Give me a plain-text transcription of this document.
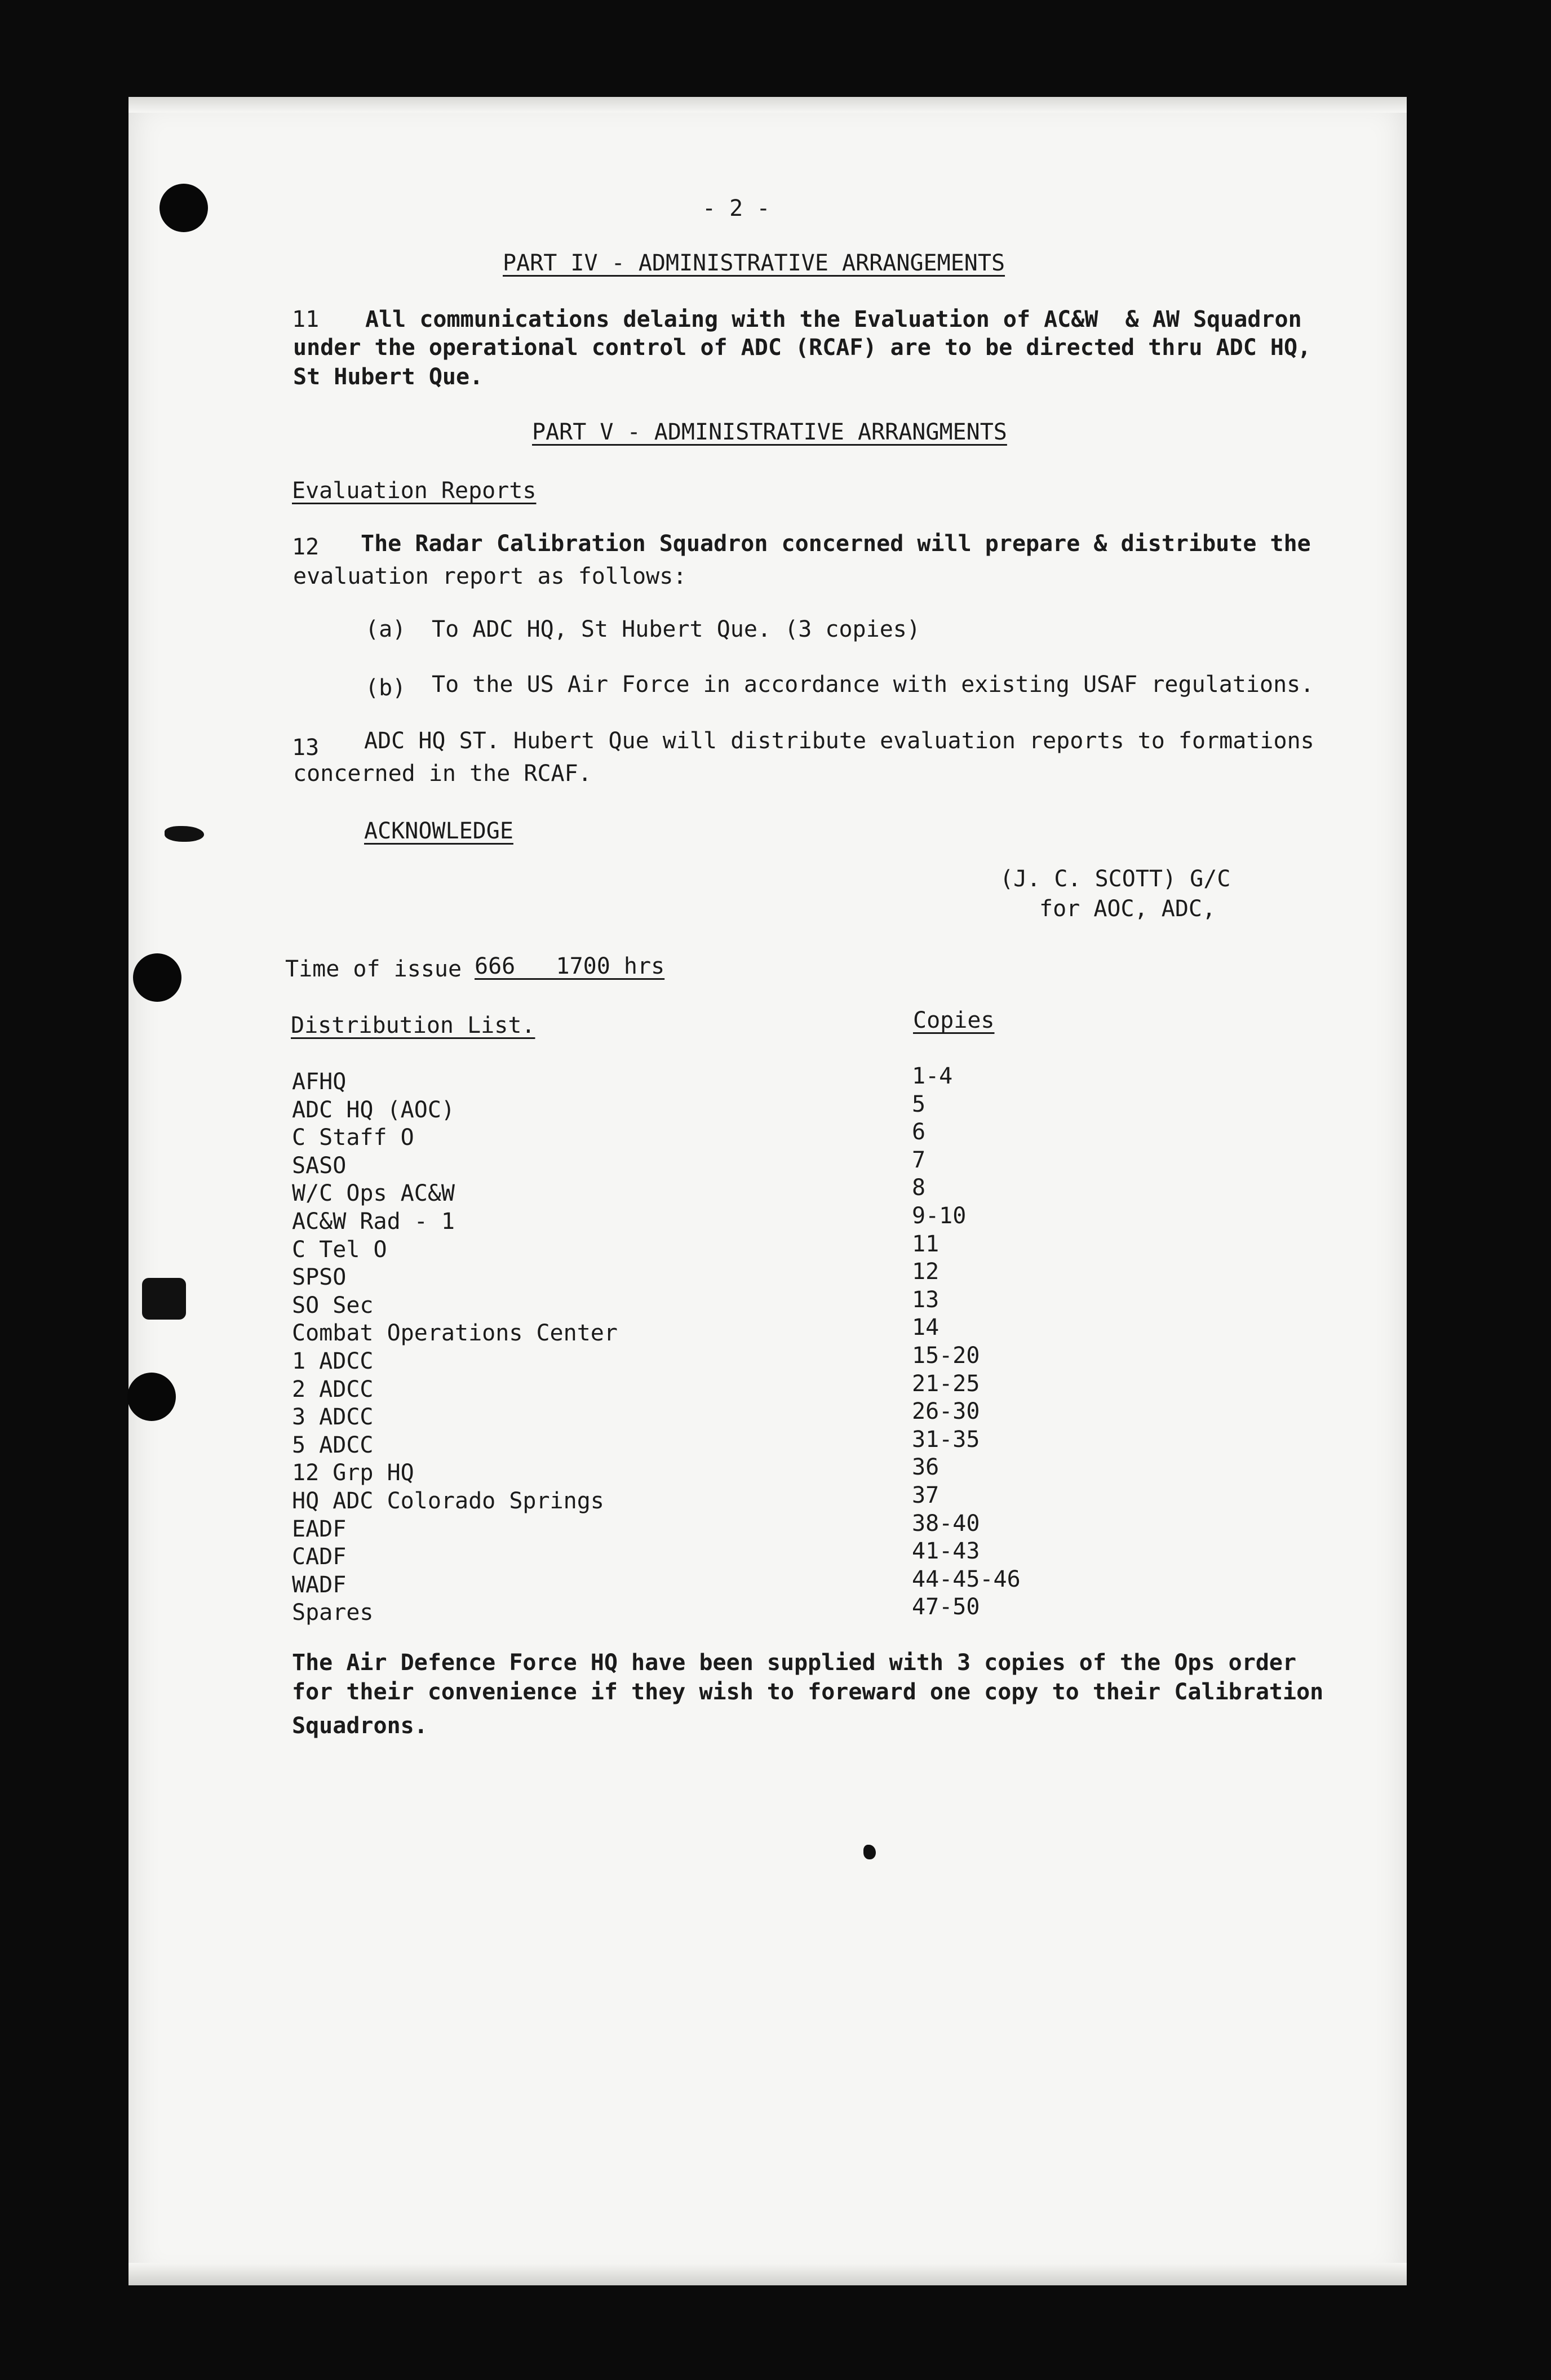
- 2 -
PART IV - ADMINISTRATIVE ARRANGEMENTS
11 All communications delaing with the Evaluation of AC&W  & AW Squadron
under the operational control of ADC (RCAF) are to be directed thru ADC HQ,
St Hubert Que.
PART V - ADMINISTRATIVE ARRANGMENTS
Evaluation Reports
12 The Radar Calibration Squadron concerned will prepare & distribute the
evaluation report as follows:
(a) To ADC HQ, St Hubert Que. (3 copies)
(b) To the US Air Force in accordance with existing USAF regulations.
13 ADC HQ ST. Hubert Que will distribute evaluation reports to formations
concerned in the RCAF.
ACKNOWLEDGE
(J. C. SCOTT) G/C
for AOC, ADC,
Time of issue 666   1700 hrs
Distribution List.	Copies
AFHQ	1-4
ADC HQ (AOC)	5
C Staff O	6
SASO	7
W/C Ops AC&W	8
AC&W Rad - 1	9-10
C Tel O	11
SPSO	12
SO Sec	13
Combat Operations Center	14
1 ADCC	15-20
2 ADCC	21-25
3 ADCC	26-30
5 ADCC	31-35
12 Grp HQ	36
HQ ADC Colorado Springs	37
EADF	38-40
CADF	41-43
WADF	44-45-46
Spares	47-50
The Air Defence Force HQ have been supplied with 3 copies of the Ops order
for their convenience if they wish to foreward one copy to their Calibration
Squadrons.
